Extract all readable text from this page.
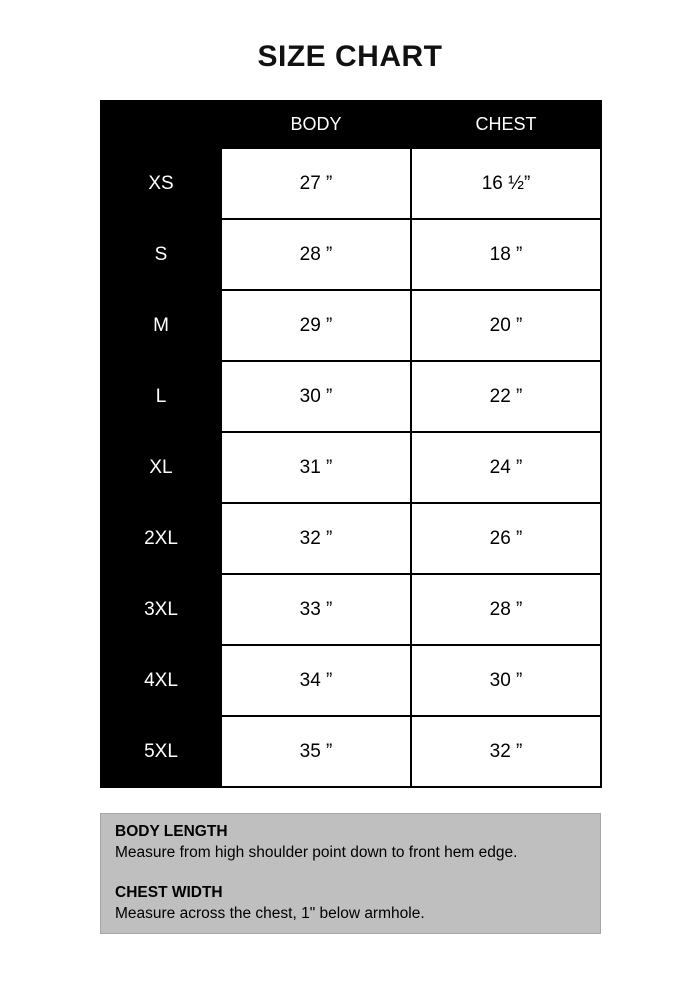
SIZE CHART
	BODY	CHEST
XS	27 ”	16 ½”
S	28 ”	18 ”
M	29 ”	20 ”
L	30 ”	22 ”
XL	31 ”	24 ”
2XL	32 ”	26 ”
3XL	33 ”	28 ”
4XL	34 ”	30 ”
5XL	35 ”	32 ”

BODY LENGTH

Measure from high shoulder point down to front hem edge.

CHEST WIDTH

Measure across the chest, 1" below armhole.
